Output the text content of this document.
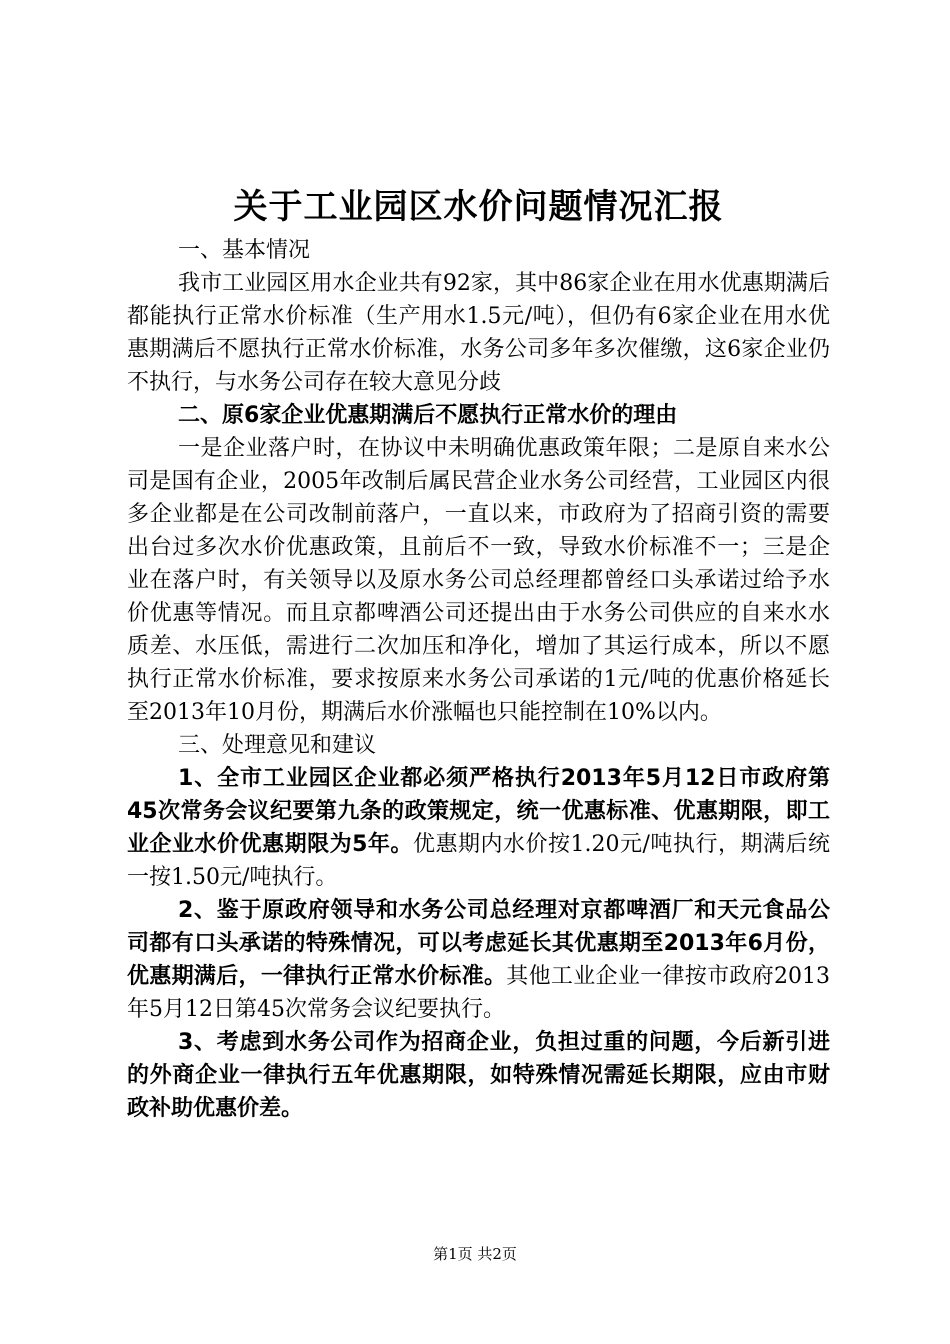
关于工业园区水价问题情况汇报

一、基本情况

我市工业园区用水企业共有92家，其中86家企业在用水优惠期满后都能执行正常水价标准（生产用水1.5元/吨），但仍有6家企业在用水优惠期满后不愿执行正常水价标准，水务公司多年多次催缴，这6家企业仍不执行，与水务公司存在较大意见分歧

二、原6家企业优惠期满后不愿执行正常水价的理由

一是企业落户时，在协议中未明确优惠政策年限；二是原自来水公司是国有企业，2005年改制后属民营企业水务公司经营，工业园区内很多企业都是在公司改制前落户，一直以来，市政府为了招商引资的需要出台过多次水价优惠政策，且前后不一致，导致水价标准不一；三是企业在落户时，有关领导以及原水务公司总经理都曾经口头承诺过给予水价优惠等情况。而且京都啤酒公司还提出由于水务公司供应的自来水水质差、水压低，需进行二次加压和净化，增加了其运行成本，所以不愿执行正常水价标准，要求按原来水务公司承诺的1元/吨的优惠价格延长至2013年10月份，期满后水价涨幅也只能控制在10%以内。

三、处理意见和建议

1、全市工业园区企业都必须严格执行2013年5月12日市政府第45次常务会议纪要第九条的政策规定，统一优惠标准、优惠期限，即工业企业水价优惠期限为5年。优惠期内水价按1.20元/吨执行，期满后统一按1.50元/吨执行。

2、鉴于原政府领导和水务公司总经理对京都啤酒厂和天元食品公司都有口头承诺的特殊情况，可以考虑延长其优惠期至2013年6月份，优惠期满后，一律执行正常水价标准。其他工业企业一律按市政府2013年5月12日第45次常务会议纪要执行。

3、考虑到水务公司作为招商企业，负担过重的问题，今后新引进的外商企业一律执行五年优惠期限，如特殊情况需延长期限，应由市财政补助优惠价差。

第1页 共2页
